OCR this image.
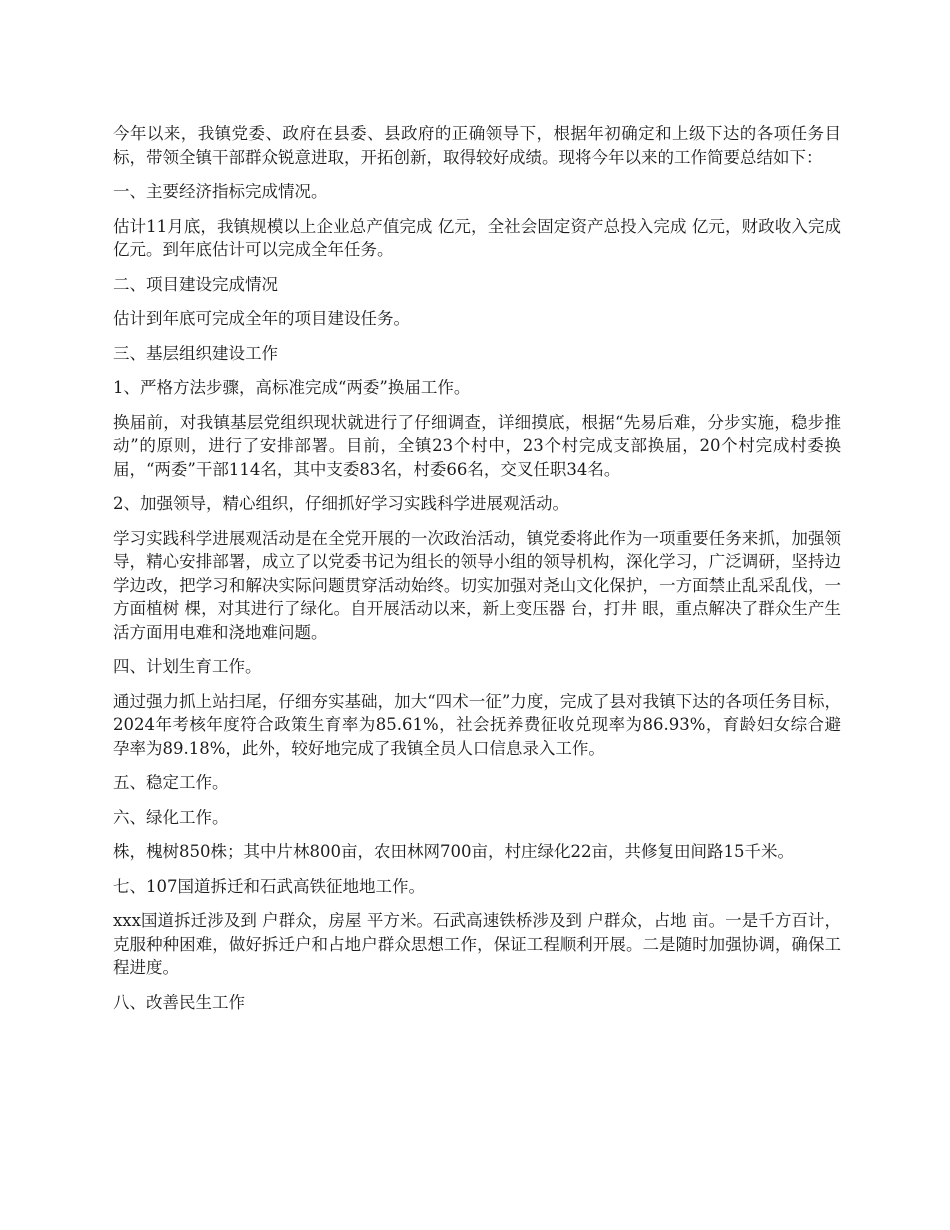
今年以来，我镇党委、政府在县委、县政府的正确领导下，根据年初确定和上级下达的各项任务目标，带领全镇干部群众锐意进取，开拓创新，取得较好成绩。现将今年以来的工作简要总结如下：

一、主要经济指标完成情况。

估计11月底，我镇规模以上企业总产值完成 亿元，全社会固定资产总投入完成 亿元，财政收入完成 亿元。到年底估计可以完成全年任务。

二、项目建设完成情况

估计到年底可完成全年的项目建设任务。

三、基层组织建设工作

1、严格方法步骤，高标准完成“两委”换届工作。

换届前，对我镇基层党组织现状就进行了仔细调查，详细摸底，根据“先易后难，分步实施，稳步推动”的原则，进行了安排部署。目前，全镇23个村中，23个村完成支部换届，20个村完成村委换届，“两委”干部114名，其中支委83名，村委66名，交叉任职34名。

2、加强领导，精心组织，仔细抓好学习实践科学进展观活动。

学习实践科学进展观活动是在全党开展的一次政治活动，镇党委将此作为一项重要任务来抓，加强领导，精心安排部署，成立了以党委书记为组长的领导小组的领导机构，深化学习，广泛调研，坚持边学边改，把学习和解决实际问题贯穿活动始终。切实加强对尧山文化保护，一方面禁止乱采乱伐，一方面植树 棵，对其进行了绿化。自开展活动以来，新上变压器 台，打井 眼，重点解决了群众生产生活方面用电难和浇地难问题。

四、计划生育工作。

通过强力抓上站扫尾，仔细夯实基础，加大“四术一征”力度，完成了县对我镇下达的各项任务目标，2024年考核年度符合政策生育率为85.61%，社会抚养费征收兑现率为86.93%，育龄妇女综合避孕率为89.18%，此外，较好地完成了我镇全员人口信息录入工作。

五、稳定工作。

六、绿化工作。

株，槐树850株；其中片林800亩，农田林网700亩，村庄绿化22亩，共修复田间路15千米。

七、107国道拆迁和石武高铁征地地工作。

xxx国道拆迁涉及到 户群众，房屋 平方米。石武高速铁桥涉及到 户群众，占地 亩。一是千方百计，克服种种困难，做好拆迁户和占地户群众思想工作，保证工程顺利开展。二是随时加强协调，确保工程进度。

八、改善民生工作
